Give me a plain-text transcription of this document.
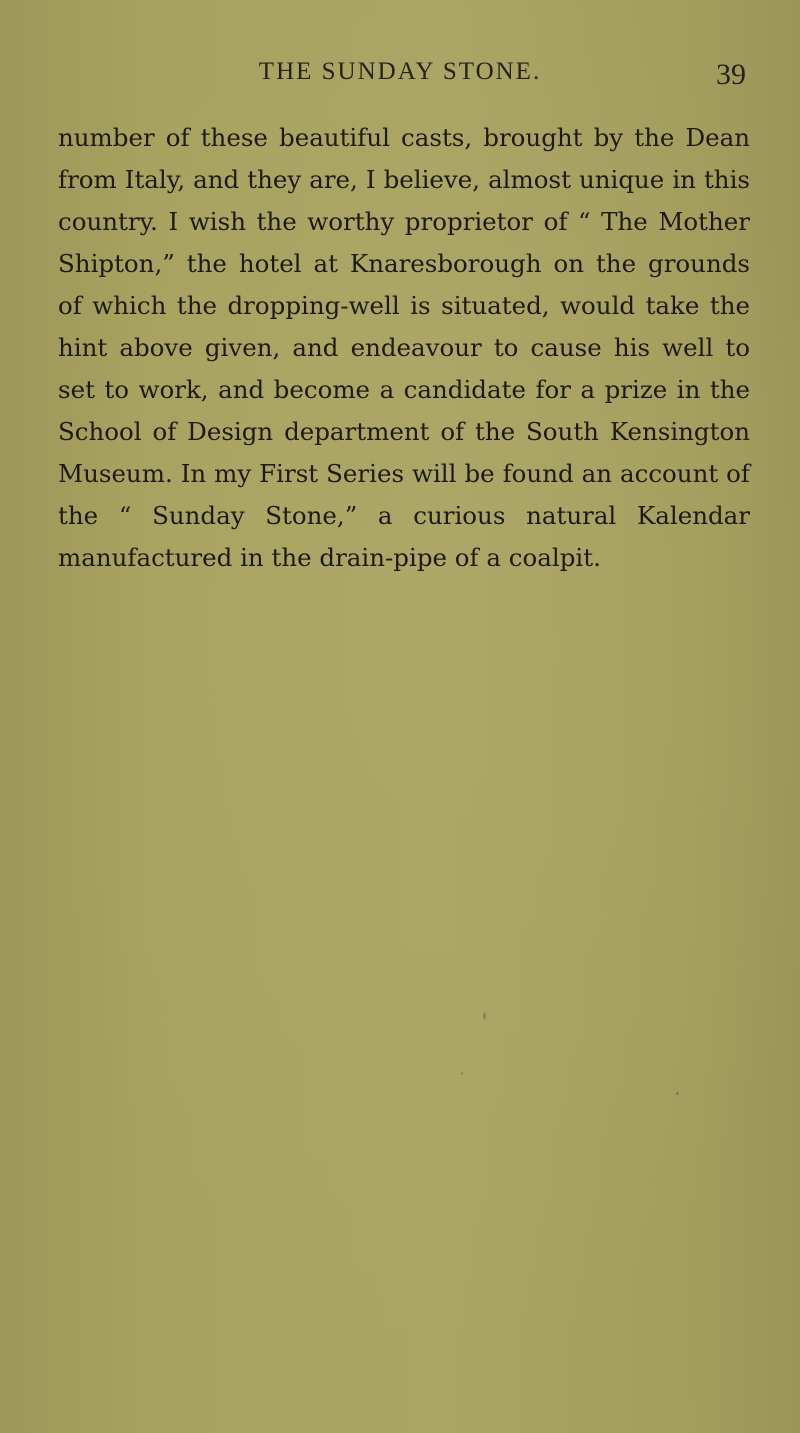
THE SUNDAY STONE.	39

number of these beautiful casts, brought by the Dean from Italy, and they are, I believe, almost unique in this country. I wish the worthy proprietor of “ The Mother Shipton,” the hotel at Knaresborough on the grounds of which the dropping-well is situated, would take the hint above given, and endeavour to cause his well to set to work, and become a candidate for a prize in the School of Design department of the South Kensington Museum. In my First Series will be found an account of the “ Sunday Stone,” a curious natural Kalendar manufactured in the drain-pipe of a coalpit.
